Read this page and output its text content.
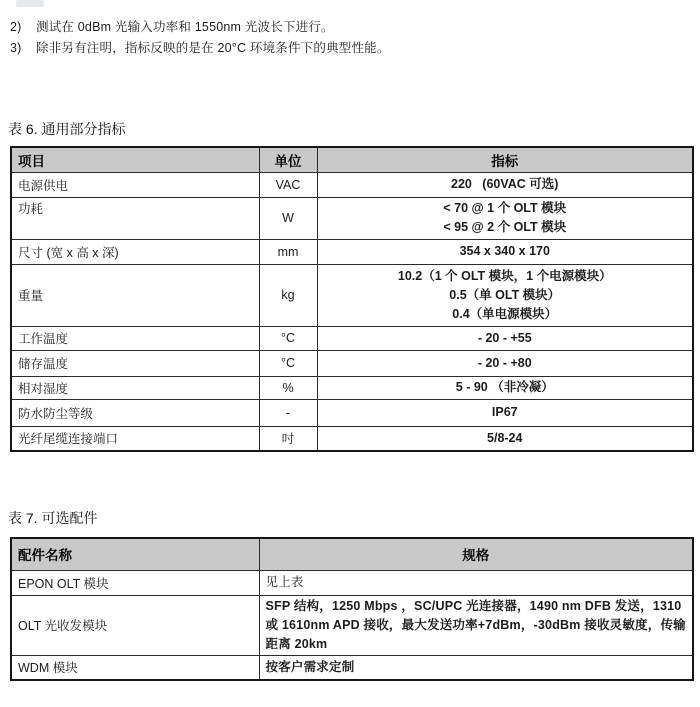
2)	测试在 0dBm 光输入功率和 1550nm 光波长下进行。
3)	除非另有注明，指标反映的是在 20°C 环境条件下的典型性能。
表 6. 通用部分指标
项目	单位	指标
电源供电	VAC	220   (60VAC 可选)

功耗	W	< 70 @ 1 个 OLT 模块
< 95 @ 2 个 OLT 模块

尺寸 (宽 x 高 x 深)	mm	354 x 340 x 170

重量	kg	10.2（1 个 OLT 模块，1 个电源模块）
0.5（单 OLT 模块）
0.4（单电源模块）

工作温度	°C	- 20 - +55

储存温度	°C	- 20 - +80

相对湿度	%	5 - 90 （非冷凝）

防水防尘等级	-	IP67

光纤尾缆连接端口	吋	5/8-24
表 7. 可选配件
配件名称	规格
EPON OLT 模块	见上表

OLT 光收发模块	SFP 结构，1250 Mbps ，SC/UPC 光连接器，1490 nm DFB 发送，1310 或 1610nm APD 接收，最大发送功率+7dBm，-30dBm 接收灵敏度，传输距离 20km

WDM 模块	按客户需求定制
